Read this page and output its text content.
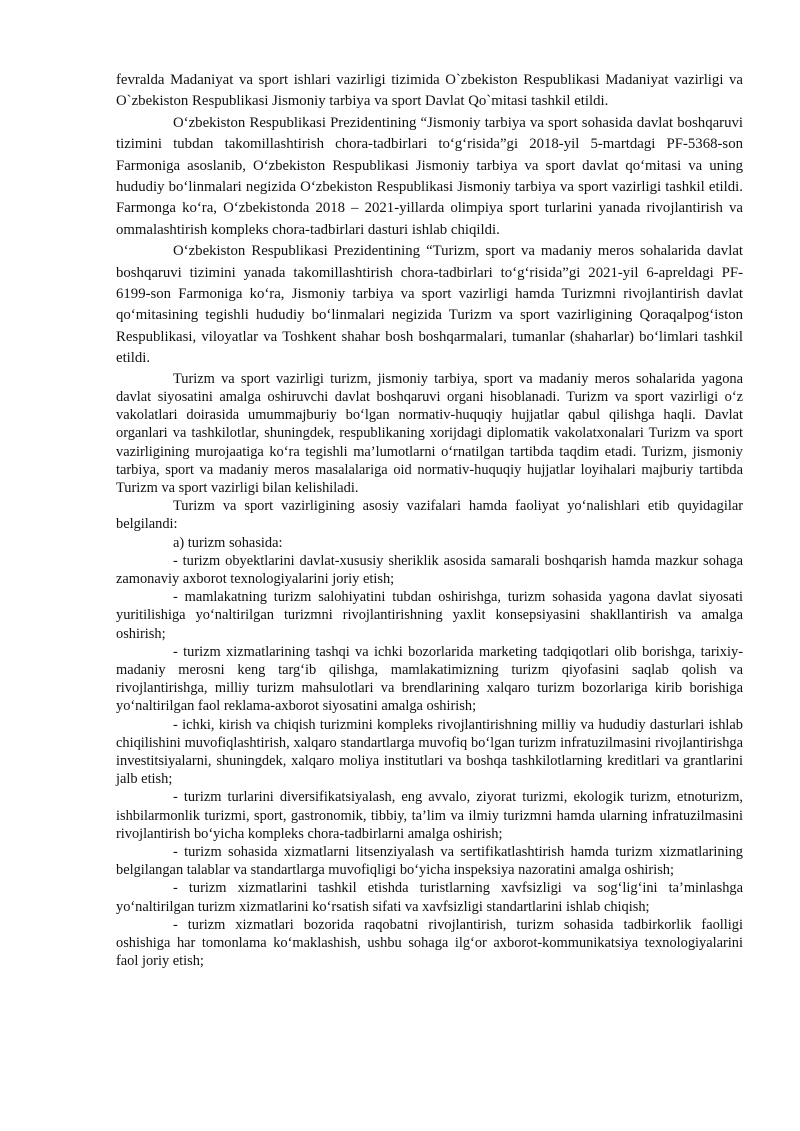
fevralda Madaniyat va sport ishlari vazirligi tizimida O`zbekiston Respublikasi Madaniyat vazirligi va O`zbekiston Respublikasi Jismoniy tarbiya va sport Davlat Qo`mitasi tashkil etildi.

O‘zbekiston Respublikasi Prezidentining “Jismoniy tarbiya va sport sohasida davlat boshqaruvi tizimini tubdan takomillashtirish chora-tadbirlari to‘g‘risida”gi 2018-yil 5-martdagi PF-5368-son Farmoniga asoslanib, O‘zbekiston Respublikasi Jismoniy tarbiya va sport davlat qo‘mitasi va uning hududiy bo‘linmalari negizida O‘zbekiston Respublikasi Jismoniy tarbiya va sport vazirligi tashkil etildi. Farmonga ko‘ra, O‘zbekistonda 2018 – 2021-yillarda olimpiya sport turlarini yanada rivojlantirish va ommalashtirish kompleks chora-tadbirlari dasturi ishlab chiqildi.

O‘zbekiston Respublikasi Prezidentining “Turizm, sport va madaniy meros sohalarida davlat boshqaruvi tizimini yanada takomillashtirish chora-tadbirlari to‘g‘risida”gi 2021-yil 6-apreldagi PF-6199-son Farmoniga ko‘ra, Jismoniy tarbiya va sport vazirligi hamda Turizmni rivojlantirish davlat qo‘mitasining tegishli hududiy bo‘linmalari negizida Turizm va sport vazirligining Qoraqalpog‘iston Respublikasi, viloyatlar va Toshkent shahar bosh boshqarmalari, tumanlar (shaharlar) bo‘limlari tashkil etildi.

Turizm va sport vazirligi turizm, jismoniy tarbiya, sport va madaniy meros sohalarida yagona davlat siyosatini amalga oshiruvchi davlat boshqaruvi organi hisoblanadi. Turizm va sport vazirligi o‘z vakolatlari doirasida umummajburiy bo‘lgan normativ-huquqiy hujjatlar qabul qilishga haqli. Davlat organlari va tashkilotlar, shuningdek, respublikaning xorijdagi diplomatik vakolatxonalari Turizm va sport vazirligining murojaatiga ko‘ra tegishli ma’lumotlarni o‘rnatilgan tartibda taqdim etadi. Turizm, jismoniy tarbiya, sport va madaniy meros masalalariga oid normativ-huquqiy hujjatlar loyihalari majburiy tartibda Turizm va sport vazirligi bilan kelishiladi.

Turizm va sport vazirligining asosiy vazifalari hamda faoliyat yo‘nalishlari etib quyidagilar belgilandi:

a) turizm sohasida:

- turizm obyektlarini davlat-xususiy sheriklik asosida samarali boshqarish hamda mazkur sohaga zamonaviy axborot texnologiyalarini joriy etish;

- mamlakatning turizm salohiyatini tubdan oshirishga, turizm sohasida yagona davlat siyosati yuritilishiga yo‘naltirilgan turizmni rivojlantirishning yaxlit konsepsiyasini shakllantirish va amalga oshirish;

- turizm xizmatlarining tashqi va ichki bozorlarida marketing tadqiqotlari olib borishga, tarixiy-madaniy merosni keng targ‘ib qilishga, mamlakatimizning turizm qiyofasini saqlab qolish va rivojlantirishga, milliy turizm mahsulotlari va brendlarining xalqaro turizm bozorlariga kirib borishiga yo‘naltirilgan faol reklama-axborot siyosatini amalga oshirish;

- ichki, kirish va chiqish turizmini kompleks rivojlantirishning milliy va hududiy dasturlari ishlab chiqilishini muvofiqlashtirish, xalqaro standartlarga muvofiq bo‘lgan turizm infratuzilmasini rivojlantirishga investitsiyalarni, shuningdek, xalqaro moliya institutlari va boshqa tashkilotlarning kreditlari va grantlarini jalb etish;

- turizm turlarini diversifikatsiyalash, eng avvalo, ziyorat turizmi, ekologik turizm, etnoturizm, ishbilarmonlik turizmi, sport, gastronomik, tibbiy, ta’lim va ilmiy turizmni hamda ularning infratuzilmasini rivojlantirish bo‘yicha kompleks chora-tadbirlarni amalga oshirish;

- turizm sohasida xizmatlarni litsenziyalash va sertifikatlashtirish hamda turizm xizmatlarining belgilangan talablar va standartlarga muvofiqligi bo‘yicha inspeksiya nazoratini amalga oshirish;

- turizm xizmatlarini tashkil etishda turistlarning xavfsizligi va sog‘lig‘ini ta’minlashga yo‘naltirilgan turizm xizmatlarini ko‘rsatish sifati va xavfsizligi standartlarini ishlab chiqish;

- turizm xizmatlari bozorida raqobatni rivojlantirish, turizm sohasida tadbirkorlik faolligi oshishiga har tomonlama ko‘maklashish, ushbu sohaga ilg‘or axborot-kommunikatsiya texnologiyalarini faol joriy etish;
